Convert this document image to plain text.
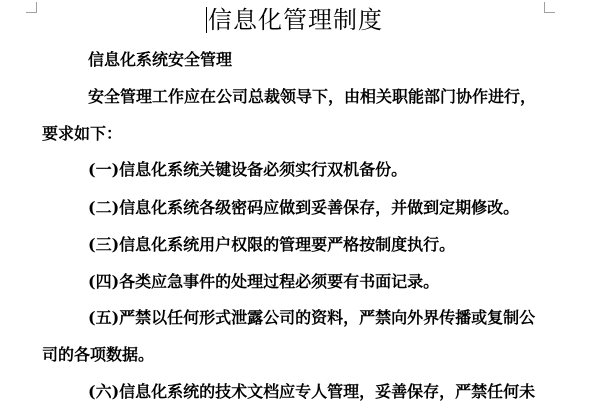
信息化管理制度
信息化系统安全管理
安全管理工作应在公司总裁领导下，由相关职能部门协作进行，
要求如下：
(一)信息化系统关键设备必须实行双机备份。
(二)信息化系统各级密码应做到妥善保存，并做到定期修改。
(三)信息化系统用户权限的管理要严格按制度执行。
(四)各类应急事件的处理过程必须要有书面记录。
(五)严禁以任何形式泄露公司的资料，严禁向外界传播或复制公
司的各项数据。
(六)信息化系统的技术文档应专人管理，妥善保存，严禁任何未
